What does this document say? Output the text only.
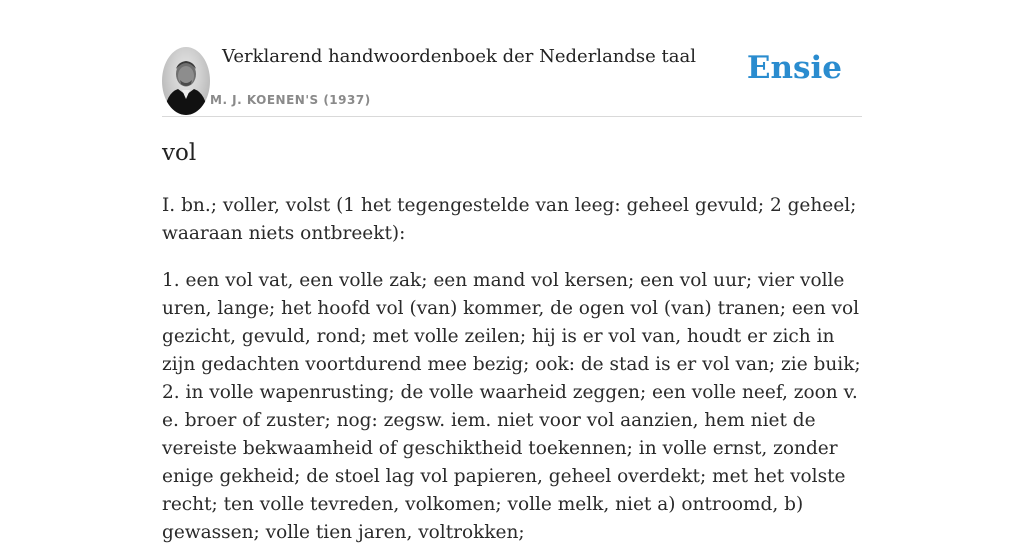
Verklarend handwoordenboek der Nederlandse taal
M. J. KOENEN'S (1937)
Ensie
vol

I. bn.; voller, volst (1 het tegengestelde van leeg: geheel gevuld; 2 geheel; waaraan niets ontbreekt):

1. een vol vat, een volle zak; een mand vol kersen; een vol uur; vier volle uren, lange; het hoofd vol (van) kommer, de ogen vol (van) tranen; een vol gezicht, gevuld, rond; met volle zeilen; hij is er vol van, houdt er zich in zijn gedachten voortdurend mee bezig; ook: de stad is er vol van; zie buik;

2. in volle wapenrusting; de volle waarheid zeggen; een volle neef, zoon v. e. broer of zuster; nog: zegsw. iem. niet voor vol aanzien, hem niet de vereiste bekwaamheid of geschiktheid toekennen; in volle ernst, zonder enige gekheid; de stoel lag vol papieren, geheel overdekt; met het volste recht; ten volle tevreden, volkomen; volle melk, niet a) ontroomd, b) gewassen; volle tien jaren, voltrokken;
